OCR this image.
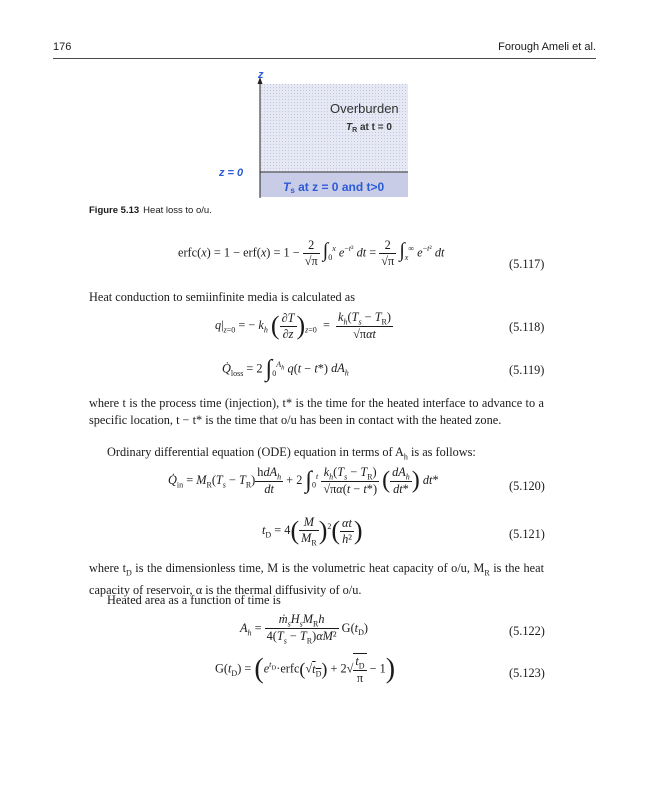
176	Forough Ameli et al.
z
Overburden
$T_R$ at t = 0
z = 0
Ts at z = 0 and t>0
Figure 5.13 Heat loss to o/u.
erfc(x) = $1 - erf(x) = 1 - \frac{2}{√\pi} \int_0^x$ $e^{-t^2}$ dt = $\frac{2}{√\pi} \int_x^\infty$ $e^{-t^2}$ dt
(5.117)
Heat conduction to semiinfinite media is calculated as
$q|_{z=0}$ = − $k_h$ ( $\frac{\partial T}{\partial z} )_{z=0} = \frac{k_h(T_s - T_R)}{\text{√παt}}$	(5.118)
$Q̇_{loss} = 2$ $\int_0^{A_h}$ q(t − t*) $dA_h$	(5.119)
where t is the process time (injection), t* is the time for the heated interface to advance to a specific location, t − t* is the time that o/u has been in contact with the heated zone.
Ordinary differential equation (ODE) equation in terms of $A_h$ is as follows:
$Q̇_{in} = M_R(T_s - T_R) \frac{hdA_h}{dt} + 2$ $\int_0^t \frac{k_h(T_s - T_R)}{√\pi\alpha(t - t*)}$ ( $\frac{dA_h}{dt*}$ ) dt*	(5.120)
$t_D = 4( \frac{M}{M_R} )^2( \frac{\alpha t}{\text{h²}}$ )	(5.121)
where $t_D$ is the dimensionless time, M is the volumetric heat capacity of o/u, $M_R$ is the heat capacity of reservoir, α is the thermal diffusivity of o/u.
Heated area as a function of time is
$A_h = \frac{ṁ_sH_sM_Rh}{4(T_s - T_R)\alpha M^2} G(t_D)$	(5.122)
$G(t_D)$ = $(e^{t_D}\cdot erfc(√t_D) + 2√ \frac{t_D}{\pi} - 1)$	(5.123)
